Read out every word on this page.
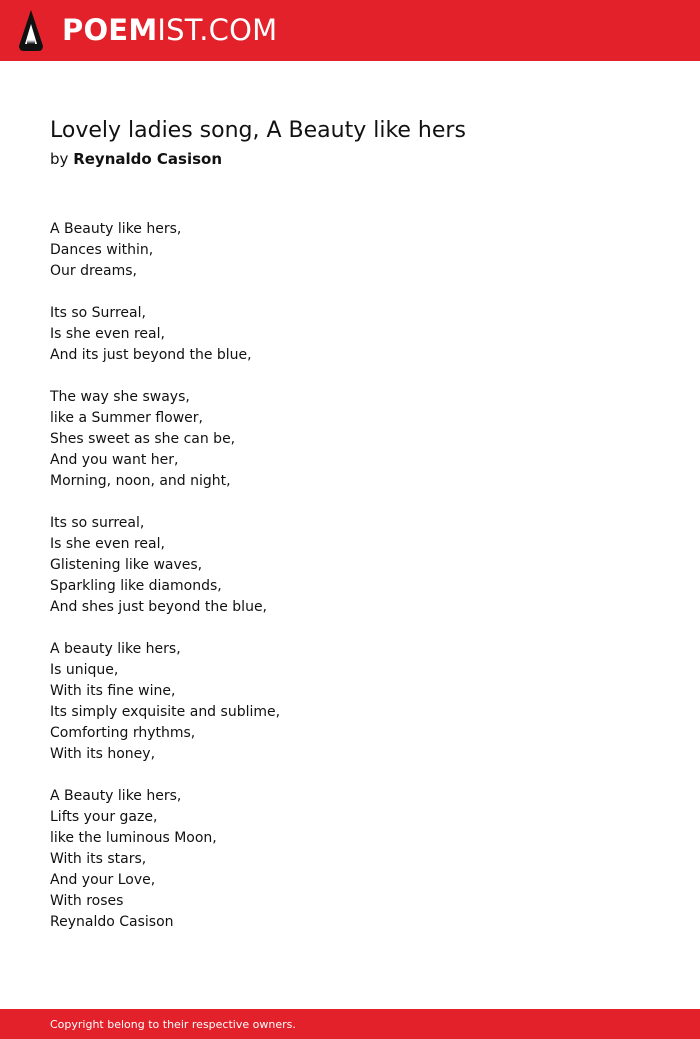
POEMIST.COM
Lovely ladies song, A Beauty like hers
by Reynaldo Casison
A Beauty like hers,
Dances within,
Our dreams,
Its so Surreal,
Is she even real,
And its just beyond the blue,
The way she sways,
like a Summer flower,
Shes sweet as she can be,
And you want her,
Morning, noon, and night,
Its so surreal,
Is she even real,
Glistening like waves,
Sparkling like diamonds,
And shes just beyond the blue,
A beauty like hers,
Is unique,
With its fine wine,
Its simply exquisite and sublime,
Comforting rhythms,
With its honey,
A Beauty like hers,
Lifts your gaze,
like the luminous Moon,
With its stars,
And your Love,
With roses
Reynaldo Casison
Copyright belong to their respective owners.
